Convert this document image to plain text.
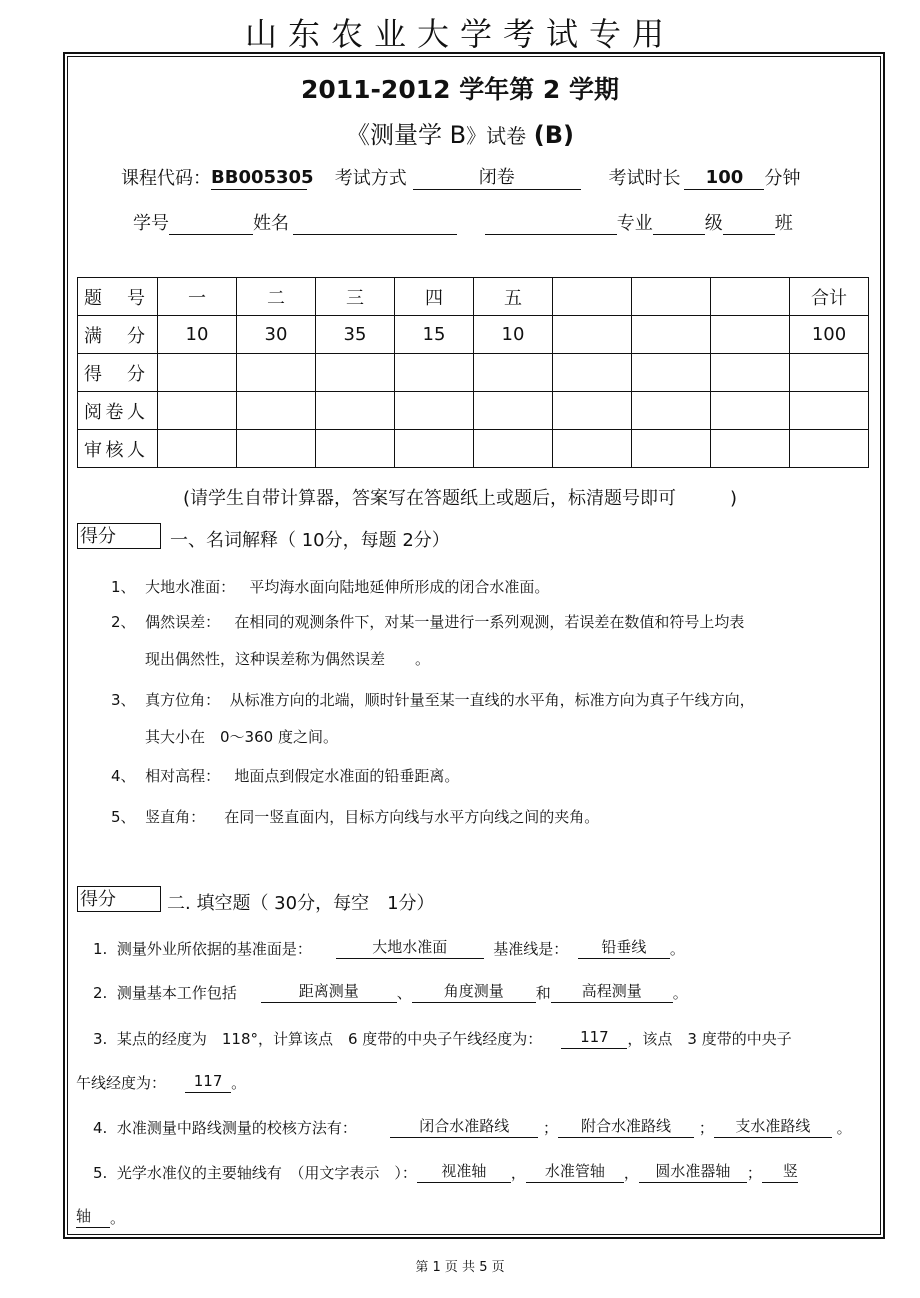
山东农业大学考试专用
2011-2012 学年第 2 学期
《测量学 B》试卷 (B)
课程代码：BB005305 考试方式	闭卷	考试时长 100 分钟
学号	姓名	专业	级	班
题 号	一	二	三	四	五				合计
满 分	10	30	35	15	10				100
得 分									
阅卷人									
审核人									
(请学生自带计算器，答案写在答题纸上或题后，标清题号即可　　　)
得分	一、名词解释（ 10分，每题 2分）
1、 大地水准面： 平均海水面向陆地延伸所形成的闭合水准面。
2、 偶然误差： 在相同的观测条件下，对某一量进行一系列观测，若误差在数值和符号上均表
现出偶然性，这种误差称为偶然误差　　。
3、 真方位角： 从标准方向的北端，顺时针量至某一直线的水平角，标准方向为真子午线方向，
其大小在　0～360 度之间。
4、 相对高程： 地面点到假定水准面的铅垂距离。
5、 竖直角： 在同一竖直面内，目标方向线与水平方向线之间的夹角。
得分	二. 填空题（ 30分，每空　1分）
1. 测量外业所依据的基准面是：	大地水准面	基准线是： 铅垂线 。
2. 测量基本工作包括	距离测量	、 角度测量 和 高程测量 。
3. 某点的经度为　118°，计算该点　6 度带的中央子午线经度为：	117 ，该点　3 度带的中央子
午线经度为： 117 。
4. 水准测量中路线测量的校核方法有：	闭合水准路线 ； 附合水准路线 ； 支水准路线 。
5. 光学水准仪的主要轴线有　（用文字表示　）： 视准轴 ， 水准管轴 ， 圆水准器轴 ； 竖
轴 。
第 1 页 共 5 页
